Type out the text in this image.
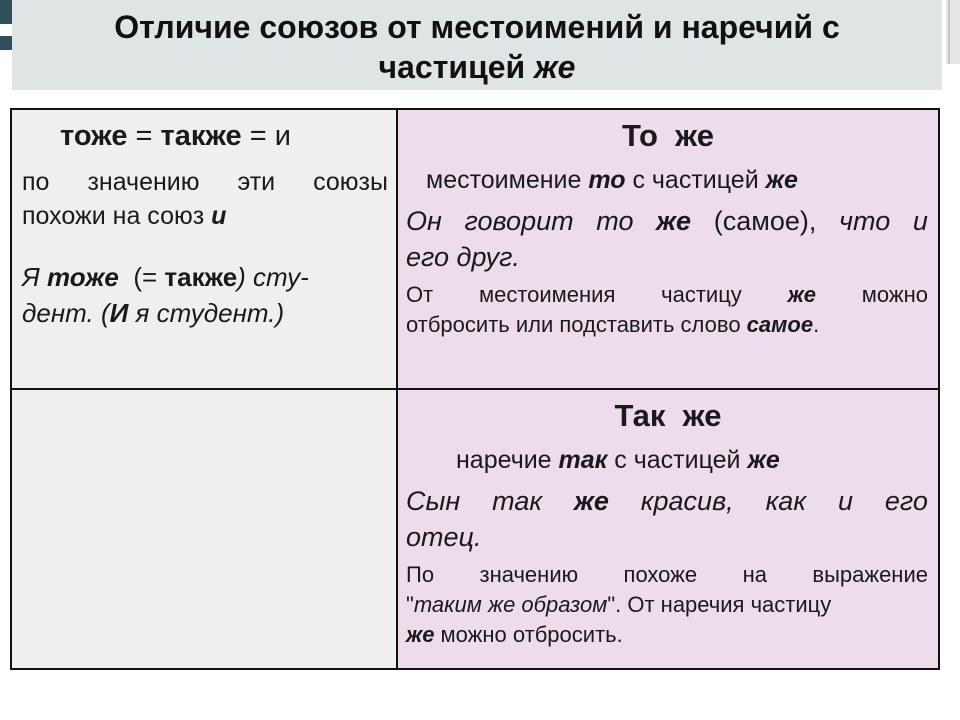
Отличие союзов от местоимений и наречий с
частицей же
тоже = также = и
по значению эти союзы
похожи на союз и
Я тоже  (= также) сту-
дент. (И я студент.)
То  же
местоимение то с частицей же
Он говорит то же (самое), что и
его друг.
От местоимения частицу же можно
отбросить или подставить слово самое.
Так  же
наречие так с частицей же
Сын так же красив, как и его
отец.
По значению похоже на выражение
"таким же образом". От наречия частицу
же можно отбросить.
